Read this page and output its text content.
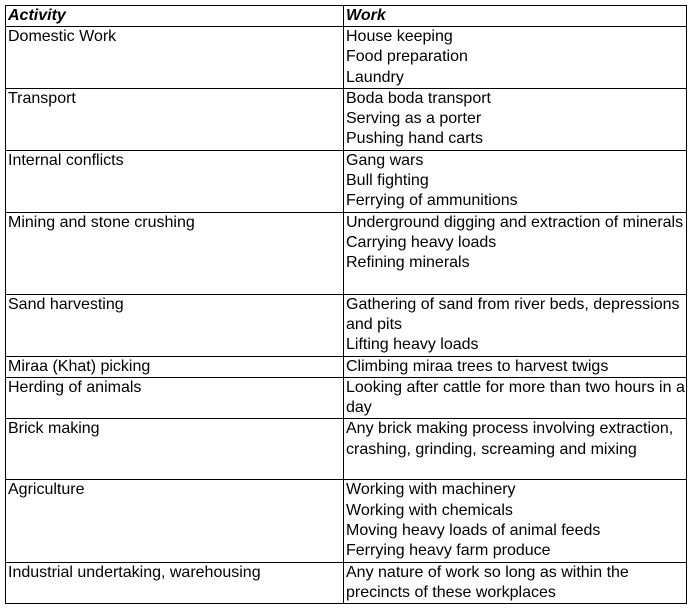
Activity	Work
Domestic Work	House keeping
Food preparation
Laundry

Transport	Boda boda transport
Serving as a porter
Pushing hand carts

Internal conflicts	Gang wars
Bull fighting
Ferrying of ammunitions

Mining and stone crushing	Underground digging and extraction of minerals
Carrying heavy loads
Refining minerals

Sand harvesting	Gathering of sand from river beds, depressions and pits
Lifting heavy loads

Miraa (Khat) picking	Climbing miraa trees to harvest twigs

Herding of animals	Looking after cattle for more than two hours in a day

Brick making	Any brick making process involving extraction, crashing, grinding, screaming and mixing

Agriculture	Working with machinery
Working with chemicals
Moving heavy loads of animal feeds
Ferrying heavy farm produce

Industrial undertaking, warehousing	Any nature of work so long as within the precincts of these workplaces
